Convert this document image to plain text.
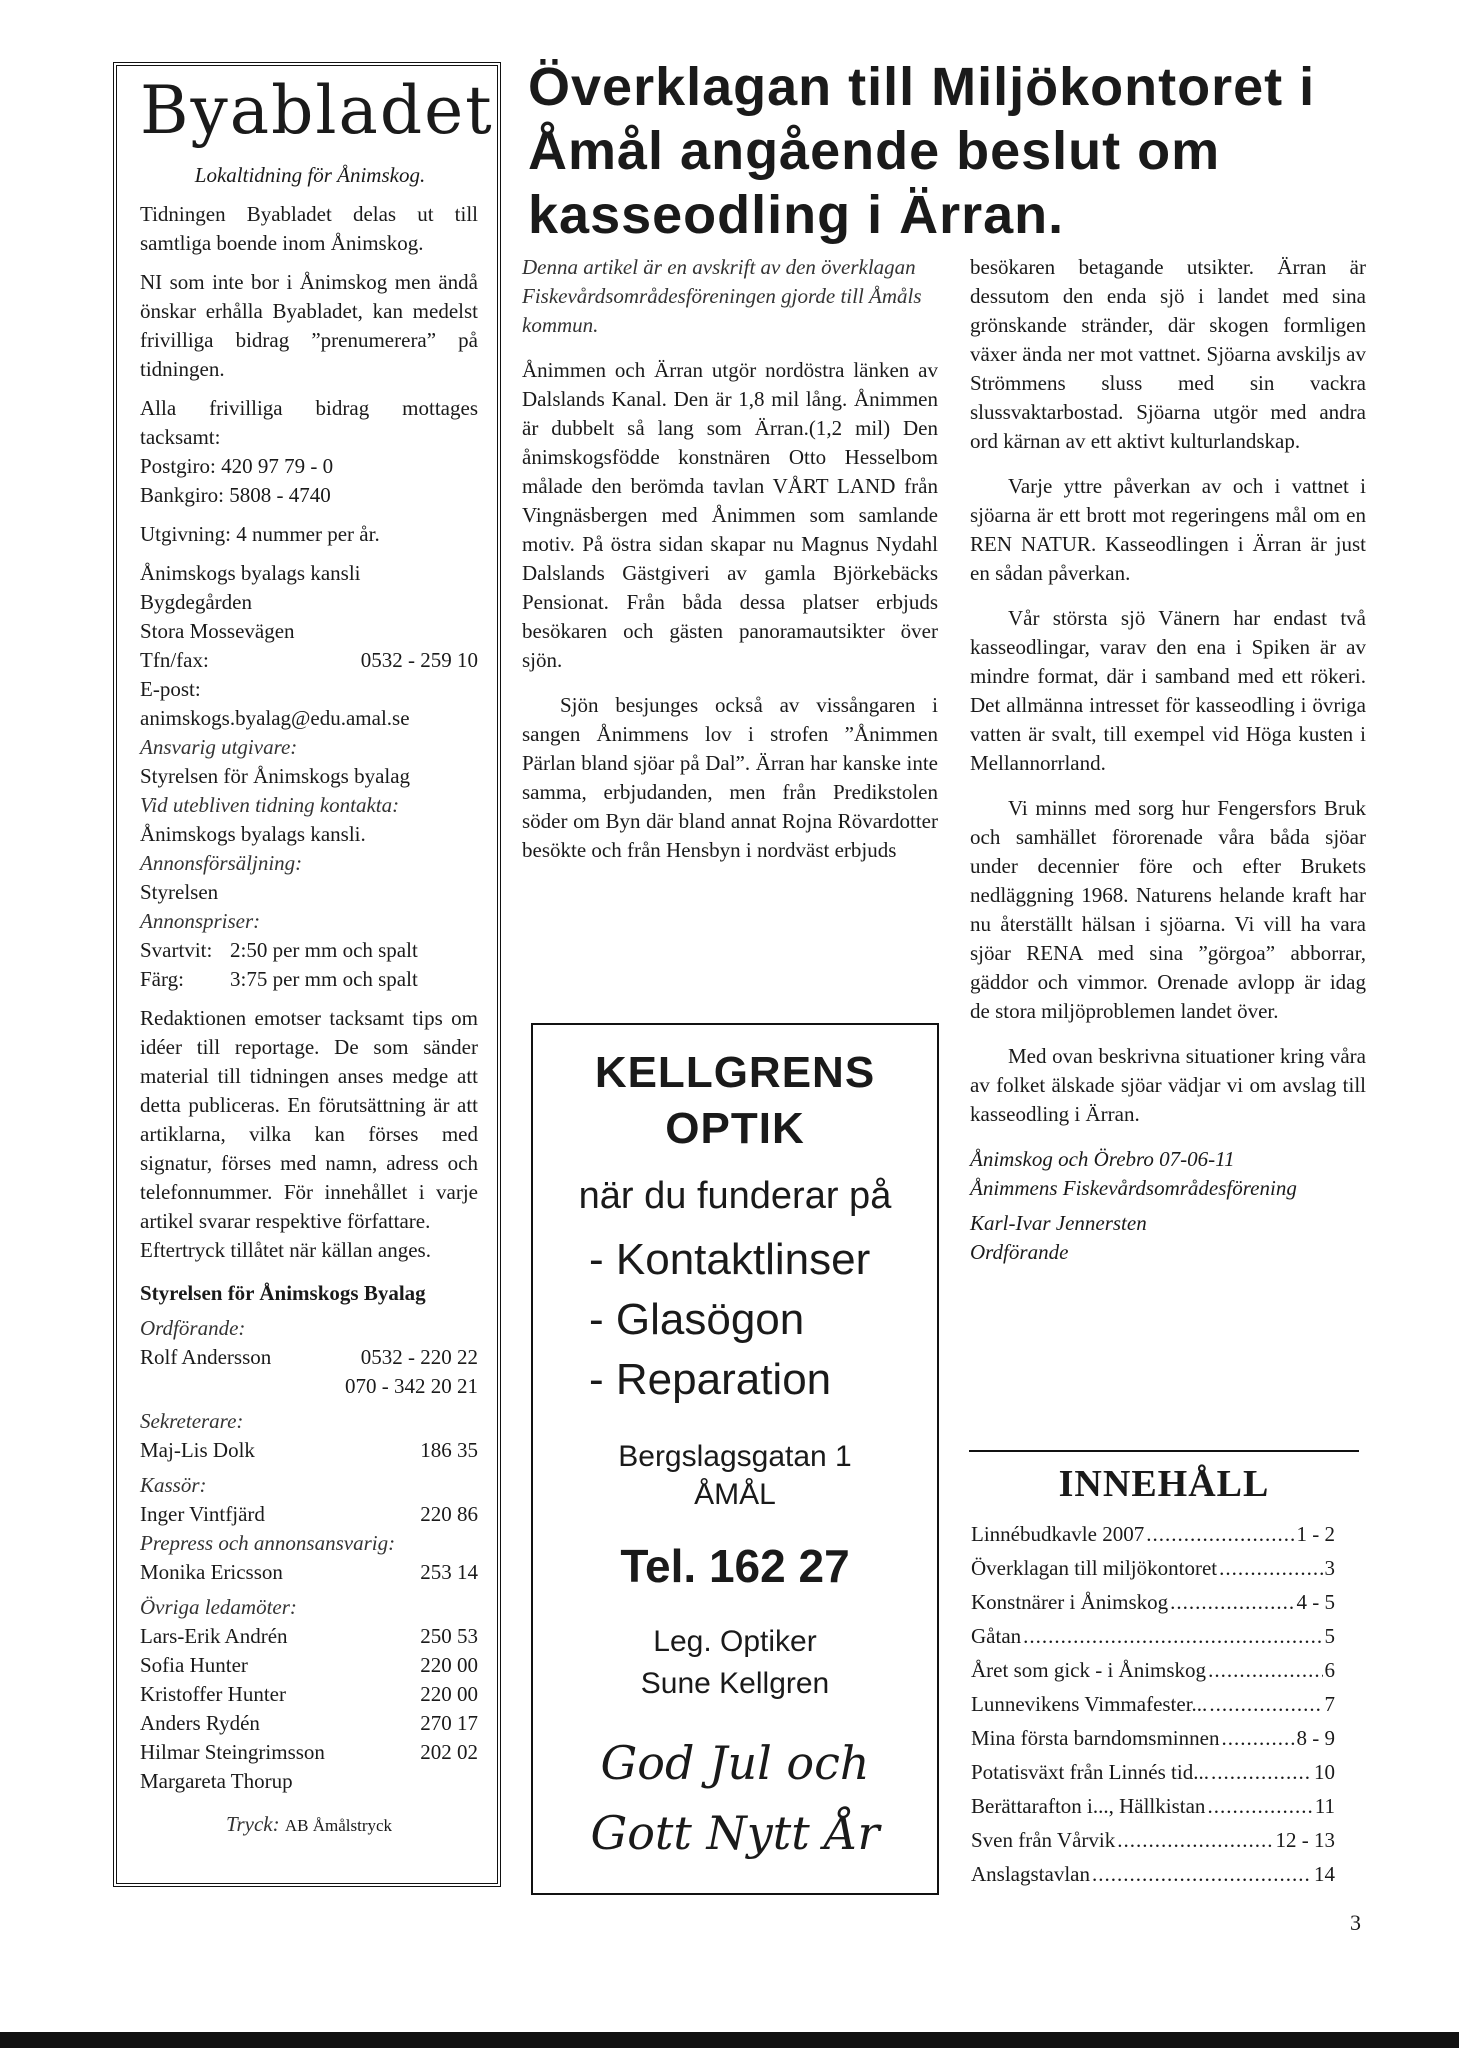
Byabladet
Lokaltidning för Ånimskog.
Tidningen Byabladet delas ut till samtliga boende inom Ånimskog.
NI som inte bor i Ånimskog men ändå önskar erhålla Byabladet, kan medelst frivilliga bidrag ”prenumerera” på tidningen.
Alla frivilliga bidrag mottages tacksamt:
Postgiro: 420 97 79 - 0
Bankgiro: 5808 - 4740
Utgivning: 4 nummer per år.
Ånimskogs byalags kansli
Bygdegården
Stora Mossevägen
Tfn/fax:	0532 - 259 10
E-post:
animskogs.byalag@edu.amal.se
Ansvarig utgivare:
Styrelsen för Ånimskogs byalag
Vid utebliven tidning kontakta:
Ånimskogs byalags kansli.
Annonsförsäljning:
Styrelsen
Annonspriser:
Svartvit: 2:50 per mm och spalt
Färg:	3:75 per mm och spalt
Redaktionen emotser tacksamt tips om idéer till reportage. De som sänder material till tidningen anses medge att detta publiceras. En förutsättning är att artiklarna, vilka kan förses med signatur, förses med namn, adress och telefonnummer. För innehållet i varje artikel svarar respektive författare.
Eftertryck tillåtet när källan anges.
Styrelsen för Ånimskogs Byalag
Ordförande:
Rolf Andersson	0532 - 220 22
070 - 342 20 21
Sekreterare:
Maj-Lis Dolk	186 35
Kassör:
Inger Vintfjärd	220 86
Prepress och annonsansvarig:
Monika Ericsson	253 14
Övriga ledamöter:
Lars-Erik Andrén	250 53
Sofia Hunter	220 00
Kristoffer Hunter	220 00
Anders Rydén	270 17
Hilmar Steingrimsson	202 02
Margareta Thorup
Tryck: AB Åmålstryck
Överklagan till Miljökontoret i Åmål angående beslut om kasseodling i Ärran.

Denna artikel är en avskrift av den överklagan Fiskevårdsområdesföreningen gjorde till Åmåls kommun.

Ånimmen och Ärran utgör nordöstra länken av Dalslands Kanal. Den är 1,8 mil lång. Ånimmen är dubbelt så lang som Ärran.(1,2 mil) Den ånimskogsfödde konstnären Otto Hesselbom målade den berömda tavlan VÅRT LAND från Vingnäsbergen med Ånimmen som samlande motiv. På östra sidan skapar nu Magnus Nydahl Dalslands Gästgiveri av gamla Björkebäcks Pensionat. Från båda dessa platser erbjuds besökaren och gästen panoramautsikter över sjön.

Sjön besjunges också av vissångaren i sangen Ånimmens lov i strofen ”Ånimmen Pärlan bland sjöar på Dal”. Ärran har kanske inte samma, erbjudanden, men från Predikstolen söder om Byn där bland annat Rojna Rövardotter besökte och från Hensbyn i nordväst erbjuds

besökaren betagande utsikter. Ärran är dessutom den enda sjö i landet med sina grönskande stränder, där skogen formligen växer ända ner mot vattnet. Sjöarna avskiljs av Strömmens sluss med sin vackra slussvaktarbostad. Sjöarna utgör med andra ord kärnan av ett aktivt kulturlandskap.

Varje yttre påverkan av och i vattnet i sjöarna är ett brott mot regeringens mål om en REN NATUR. Kasseodlingen i Ärran är just en sådan påverkan.

Vår största sjö Vänern har endast två kasseodlingar, varav den ena i Spiken är av mindre format, där i samband med ett rökeri. Det allmänna intresset för kasseodling i övriga vatten är svalt, till exempel vid Höga kusten i Mellannorrland.

Vi minns med sorg hur Fengersfors Bruk och samhället förorenade våra båda sjöar under decennier före och efter Brukets nedläggning 1968. Naturens helande kraft har nu återställt hälsan i sjöarna. Vi vill ha vara sjöar RENA med sina ”görgoa” abborrar, gäddor och vimmor. Orenade avlopp är idag de stora miljöproblemen landet över.

Med ovan beskrivna situationer kring våra av folket älskade sjöar vädjar vi om avslag till kasseodling i Ärran.

Ånimskog och Örebro 07-06-11
Ånimmens Fiskevårdsområdesförening
Karl-Ivar Jennersten
Ordförande
KELLGRENS
OPTIK
när du funderar på
- Kontaktlinser
- Glasögon
- Reparation
Bergslagsgatan 1
ÅMÅL
Tel. 162 27
Leg. Optiker
Sune Kellgren
God Jul och
Gott Nytt År
INNEHÅLL
Linnébudkavle 2007 .....	1 - 2
Överklagan till miljökontoret .....	3
Konstnärer i Ånimskog .....	4 - 5
Gåtan .....	5
Året som gick - i Ånimskog .....	6
Lunnevikens Vimmafester... .....	7
Mina första barndomsminnen .....	8 - 9
Potatisväxt från Linnés tid... .....	10
Berättarafton i..., Hällkistan .....	11
Sven från Vårvik .....	12 - 13
Anslagstavlan .....	14
3
